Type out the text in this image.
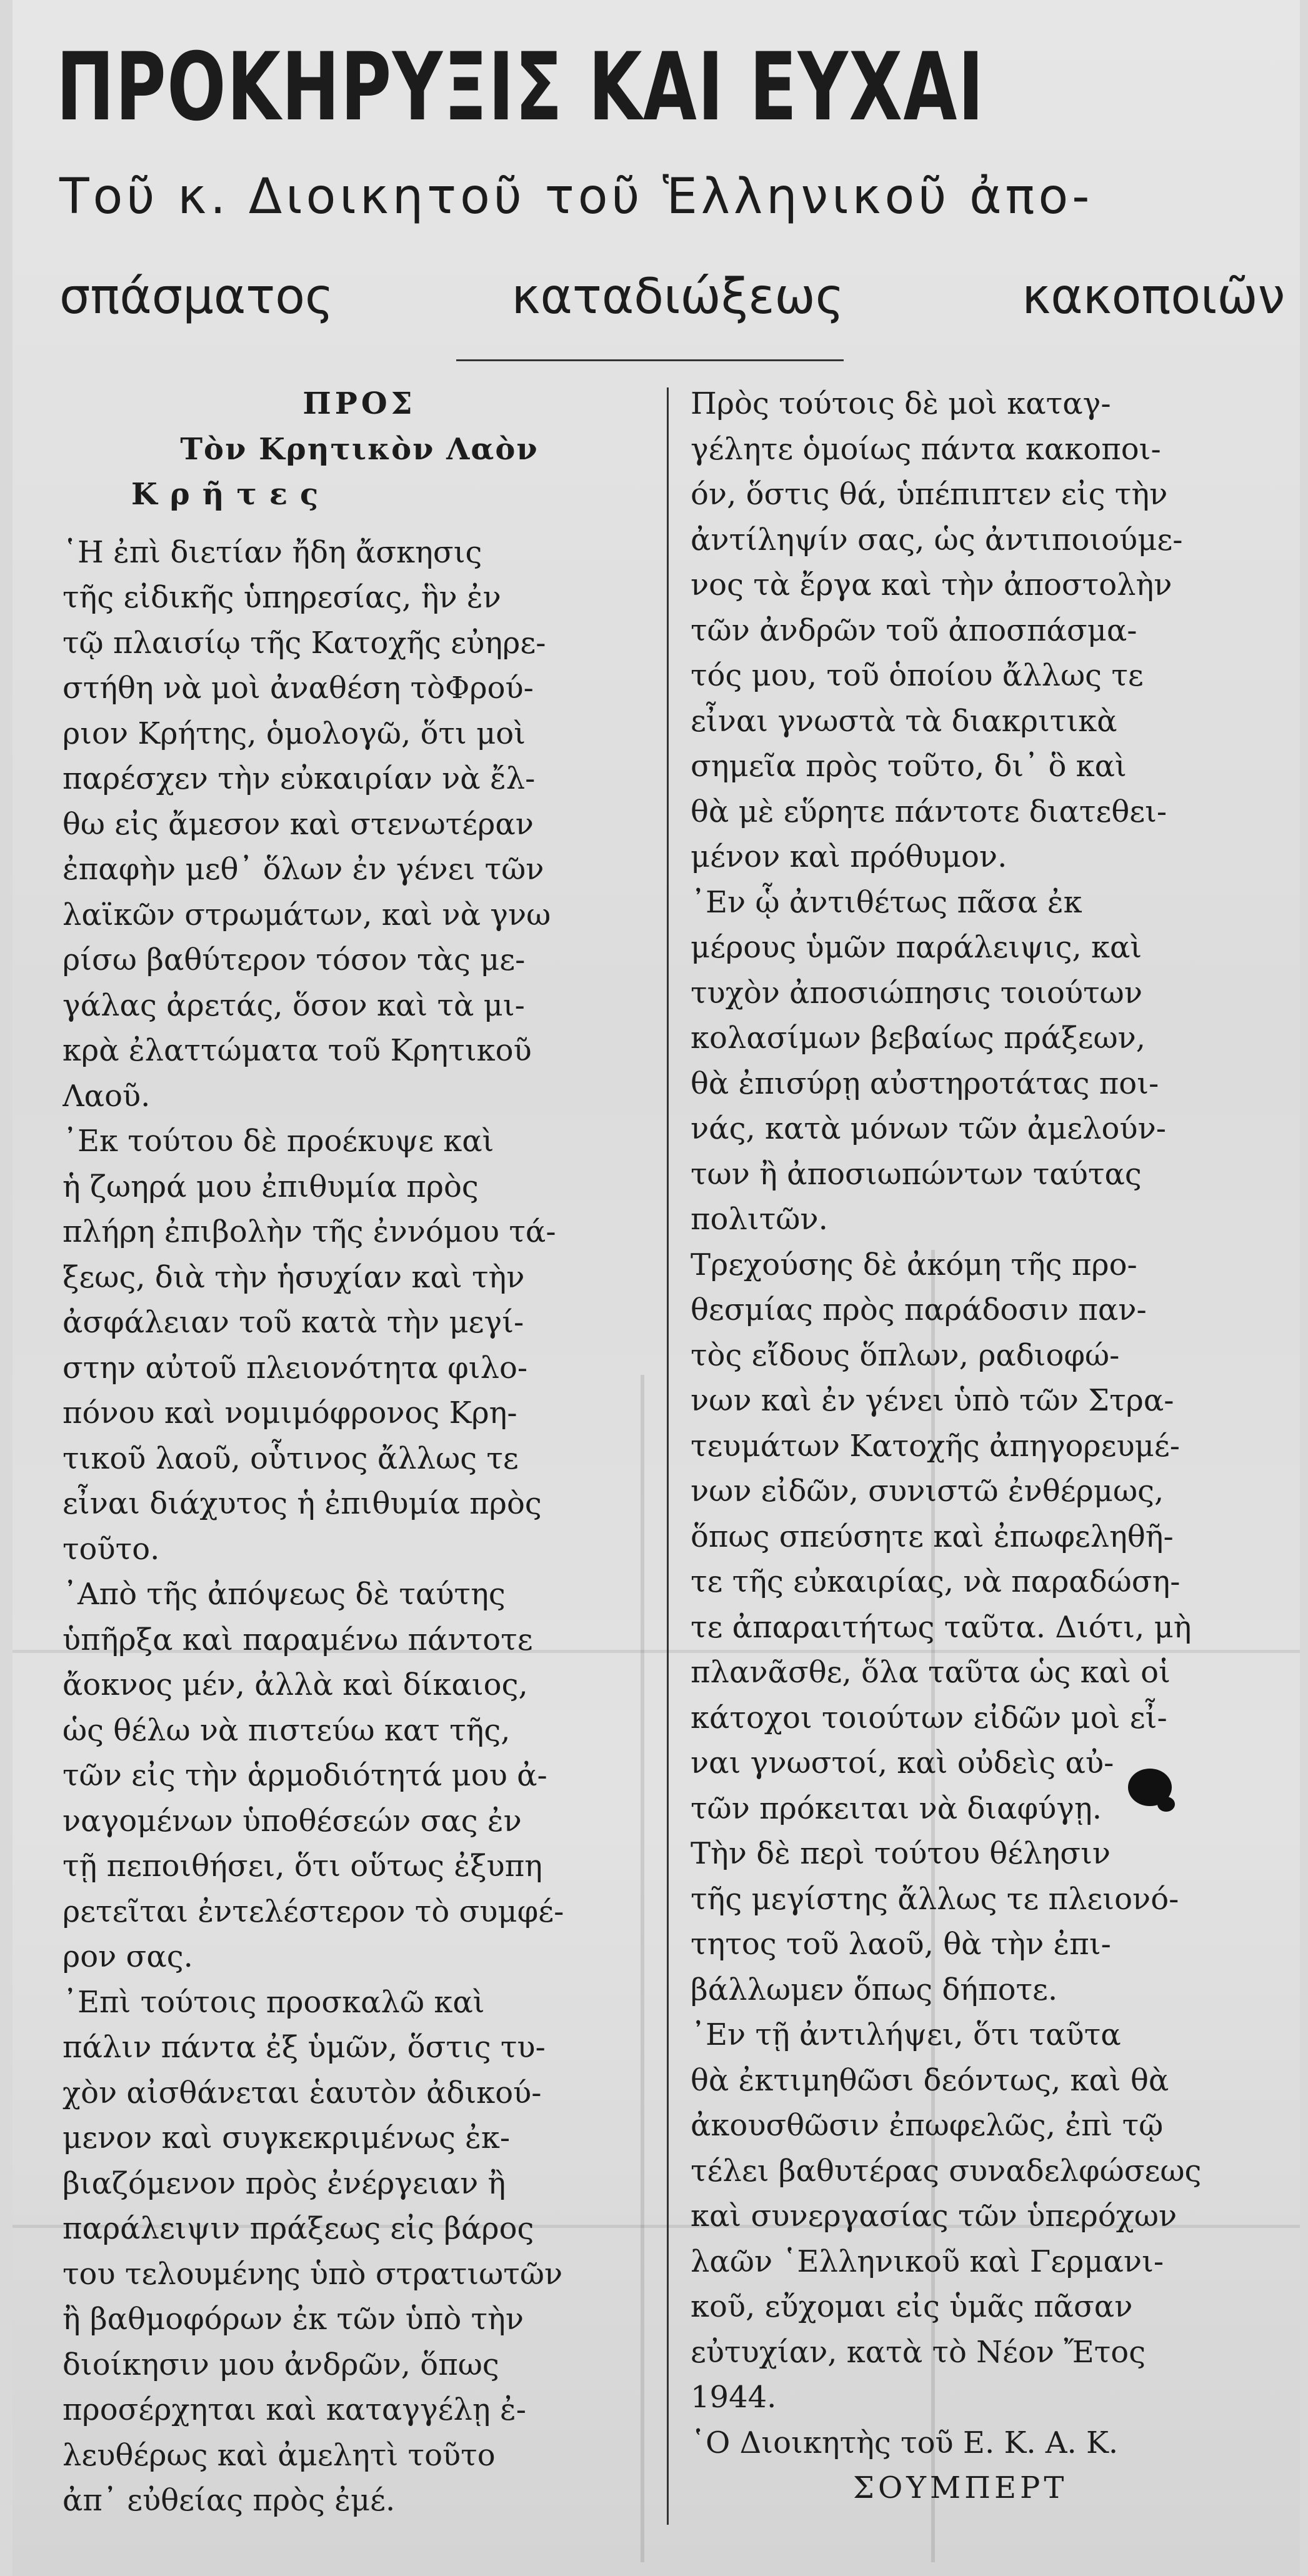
ΠΡΟΚΗΡΥΞΙΣ ΚΑΙ ΕΥΧΑΙ
Τοῦ κ. Διοικητοῦ τοῦ Ἑλληνικοῦ ἀπο-
σπάσματος καταδιώξεως κακοποιῶν
ΠΡΟΣ
Τὸν Κρητικὸν Λαὸν
Κρῆτες
῾Η ἐπὶ διετίαν ἤδη ἄσκησις
τῆς εἰδικῆς ὑπηρεσίας, ἣν ἐν
τῷ πλαισίῳ τῆς Κατοχῆς εὐηρε-
στήθη νὰ μοὶ ἀναθέση τὸΦρού-
ριον Κρήτης, ὁμολογῶ, ὅτι μοὶ
παρέσχεν τὴν εὐκαιρίαν νὰ ἔλ-
θω εἰς ἄμεσον καὶ στενωτέραν
ἐπαφὴν μεθ᾽ ὅλων ἐν γένει τῶν
λαϊκῶν στρωμάτων, καὶ νὰ γνω
ρίσω βαθύτερον τόσον τὰς με-
γάλας ἀρετάς, ὅσον καὶ τὰ μι-
κρὰ ἐλαττώματα τοῦ Κρητικοῦ
Λαοῦ.
᾽Εκ τούτου δὲ προέκυψε καὶ
ἡ ζωηρά μου ἐπιθυμία πρὸς
πλήρη ἐπιβολὴν τῆς ἐννόμου τά-
ξεως, διὰ τὴν ἡσυχίαν καὶ τὴν
ἀσφάλειαν τοῦ κατὰ τὴν μεγί-
στην αὐτοῦ πλειονότητα φιλο-
πόνου καὶ νομιμόφρονος Κρη-
τικοῦ λαοῦ, οὗτινος ἄλλως τε
εἶναι διάχυτος ἡ ἐπιθυμία πρὸς
τοῦτο.
᾽Απὸ τῆς ἀπόψεως δὲ ταύτης
ὑπῆρξα καὶ παραμένω πάντοτε
ἄοκνος μέν, ἀλλὰ καὶ δίκαιος,
ὡς θέλω νὰ πιστεύω κατ τῆς,
τῶν εἰς τὴν ἁρμοδιότητά μου ἀ-
ναγομένων ὑποθέσεών σας ἐν
τῇ πεποιθήσει, ὅτι οὕτως ἐξυπη
ρετεῖται ἐντελέστερον τὸ συμφέ-
ρον σας.
᾽Επὶ τούτοις προσκαλῶ καὶ
πάλιν πάντα ἐξ ὑμῶν, ὅστις τυ-
χὸν αἰσθάνεται ἑαυτὸν ἀδικού-
μενον καὶ συγκεκριμένως ἐκ-
βιαζόμενον πρὸς ἐνέργειαν ἢ
παράλειψιν πράξεως εἰς βάρος
του τελουμένης ὑπὸ στρατιωτῶν
ἢ βαθμοφόρων ἐκ τῶν ὑπὸ τὴν
διοίκησιν μου ἀνδρῶν, ὅπως
προσέρχηται καὶ καταγγέλῃ ἐ-
λευθέρως καὶ ἀμελητὶ τοῦτο
ἀπ᾽ εὐθείας πρὸς ἐμέ.
Πρὸς τούτοις δὲ μοὶ καταγ-
γέλητε ὁμοίως πάντα κακοποι-
όν, ὅστις θά, ὑπέπιπτεν εἰς τὴν
ἀντίληψίν σας, ὡς ἀντιποιούμε-
νος τὰ ἔργα καὶ τὴν ἀποστολὴν
τῶν ἀνδρῶν τοῦ ἀποσπάσμα-
τός μου, τοῦ ὁποίου ἄλλως τε
εἶναι γνωστὰ τὰ διακριτικὰ
σημεῖα πρὸς τοῦτο, δι᾽ ὃ καὶ
θὰ μὲ εὕρητε πάντοτε διατεθει-
μένον καὶ πρόθυμον.
᾽Εν ᾧ ἀντιθέτως πᾶσα ἐκ
μέρους ὑμῶν παράλειψις, καὶ
τυχὸν ἀποσιώπησις τοιούτων
κολασίμων βεβαίως πράξεων,
θὰ ἐπισύρῃ αὐστηροτάτας ποι-
νάς, κατὰ μόνων τῶν ἀμελούν-
των ἢ ἀποσιωπώντων ταύτας
πολιτῶν.
Τρεχούσης δὲ ἀκόμη τῆς προ-
θεσμίας πρὸς παράδοσιν παν-
τὸς εἴδους ὅπλων, ραδιοφώ-
νων καὶ ἐν γένει ὑπὸ τῶν Στρα-
τευμάτων Κατοχῆς ἀπηγορευμέ-
νων εἰδῶν, συνιστῶ ἐνθέρμως,
ὅπως σπεύσητε καὶ ἐπωφεληθῆ-
τε τῆς εὐκαιρίας, νὰ παραδώση-
τε ἀπαραιτήτως ταῦτα. Διότι, μὴ
πλανᾶσθε, ὅλα ταῦτα ὡς καὶ οἱ
κάτοχοι τοιούτων εἰδῶν μοὶ εἶ-
ναι γνωστοί, καὶ οὐδεὶς αὐ-
τῶν πρόκειται νὰ διαφύγῃ.
Τὴν δὲ περὶ τούτου θέλησιν
τῆς μεγίστης ἄλλως τε πλειονό-
τητος τοῦ λαοῦ, θὰ τὴν ἐπι-
βάλλωμεν ὅπως δήποτε.
᾽Εν τῇ ἀντιλήψει, ὅτι ταῦτα
θὰ ἐκτιμηθῶσι δεόντως, καὶ θὰ
ἀκουσθῶσιν ἐπωφελῶς, ἐπὶ τῷ
τέλει βαθυτέρας συναδελφώσεως
καὶ συνεργασίας τῶν ὑπερόχων
λαῶν ῾Ελληνικοῦ καὶ Γερμανι-
κοῦ, εὔχομαι εἰς ὑμᾶς πᾶσαν
εὐτυχίαν, κατὰ τὸ Νέον Ἔτος
1944.
῾Ο Διοικητὴς τοῦ Ε. Κ. Α. Κ.
ΣΟΥΜΠΕΡΤ
